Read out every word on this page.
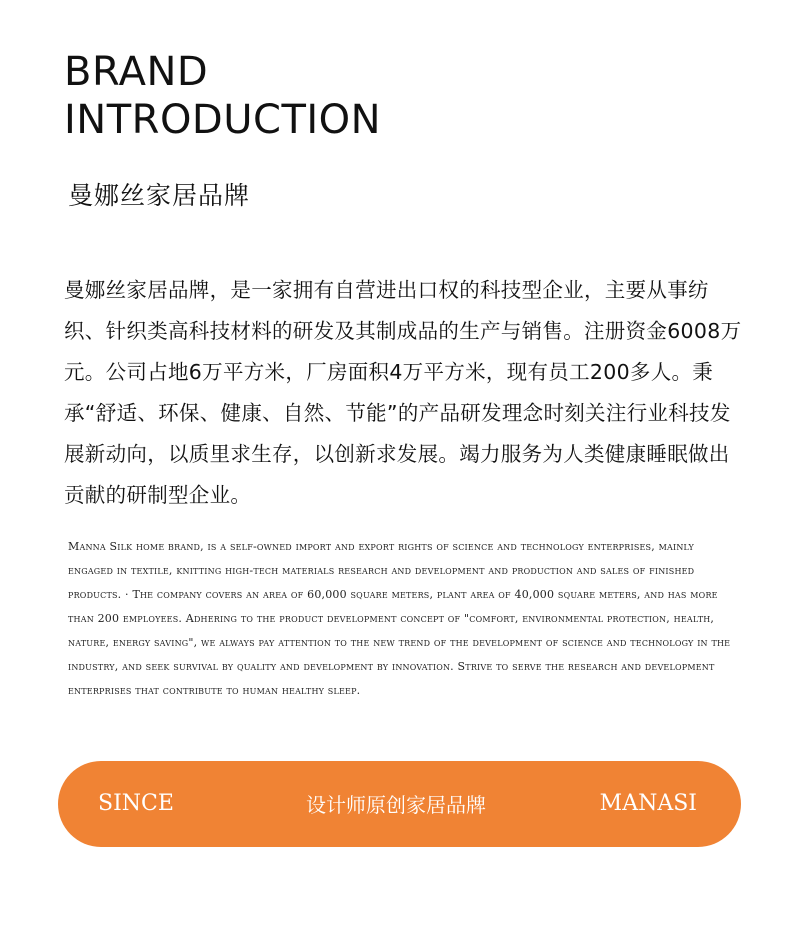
BRAND
INTRODUCTION
曼娜丝家居品牌

曼娜丝家居品牌，是一家拥有自营进出口权的科技型企业，主要从事纺织、针织类高科技材料的研发及其制成品的生产与销售。注册资金6008万元。公司占地6万平方米，厂房面积4万平方米，现有员工200多人。秉承“舒适、环保、健康、自然、节能”的产品研发理念时刻关注行业科技发展新动向，以质里求生存，以创新求发展。竭力服务为人类健康睡眠做出贡献的研制型企业。

Manna Silk home brand, is a self-owned import and export rights of science and technology enterprises, mainly engaged in textile, knitting high-tech materials research and development and production and sales of finished products. · The company covers an area of 60,000 square meters, plant area of 40,000 square meters, and has more than 200 employees. Adhering to the product development concept of "comfort, environmental protection, health, nature, energy saving", we always pay attention to the new trend of the development of science and technology in the industry, and seek survival by quality and development by innovation. Strive to serve the research and development enterprises that contribute to human healthy sleep.

SINCE	设计师原创家居品牌	MANASI
